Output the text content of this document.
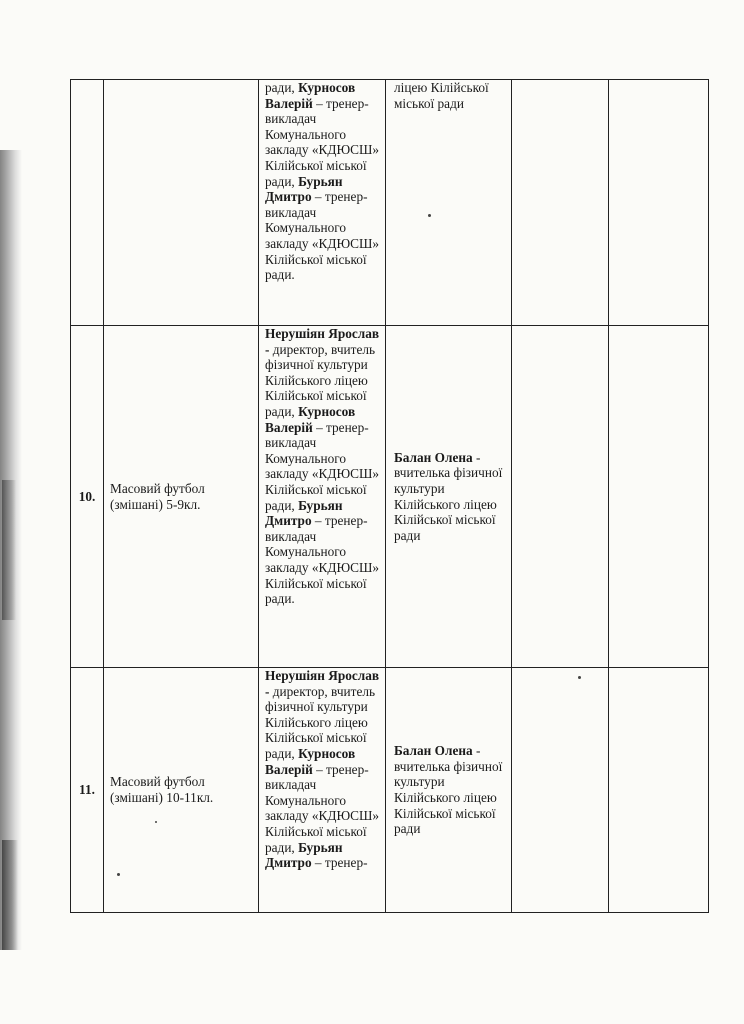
		ради, Курносов Валерій – тренер-викладач Комунального закладу «КДЮСШ» Кілійської міської ради, Бурьян Дмитро – тренер-викладач Комунального закладу «КДЮСШ» Кілійської міської ради.	ліцею Кілійської міської ради		
10.	Масовий футбол (змішані) 5-9кл.	Нерушіян Ярослав - директор, вчитель фізичної культури Кілійського ліцею Кілійської міської ради, Курносов Валерій – тренер-викладач Комунального закладу «КДЮСШ» Кілійської міської ради, Бурьян Дмитро – тренер-викладач Комунального закладу «КДЮСШ» Кілійської міської ради.	Балан Олена - вчителька фізичної культури Кілійського ліцею Кілійської міської ради		
11.	Масовий футбол (змішані) 10-11кл.	Нерушіян Ярослав - директор, вчитель фізичної культури Кілійського ліцею Кілійської міської ради, Курносов Валерій – тренер-викладач Комунального закладу «КДЮСШ» Кілійської міської ради, Бурьян Дмитро – тренер-	Балан Олена - вчителька фізичної культури Кілійського ліцею Кілійської міської ради		
